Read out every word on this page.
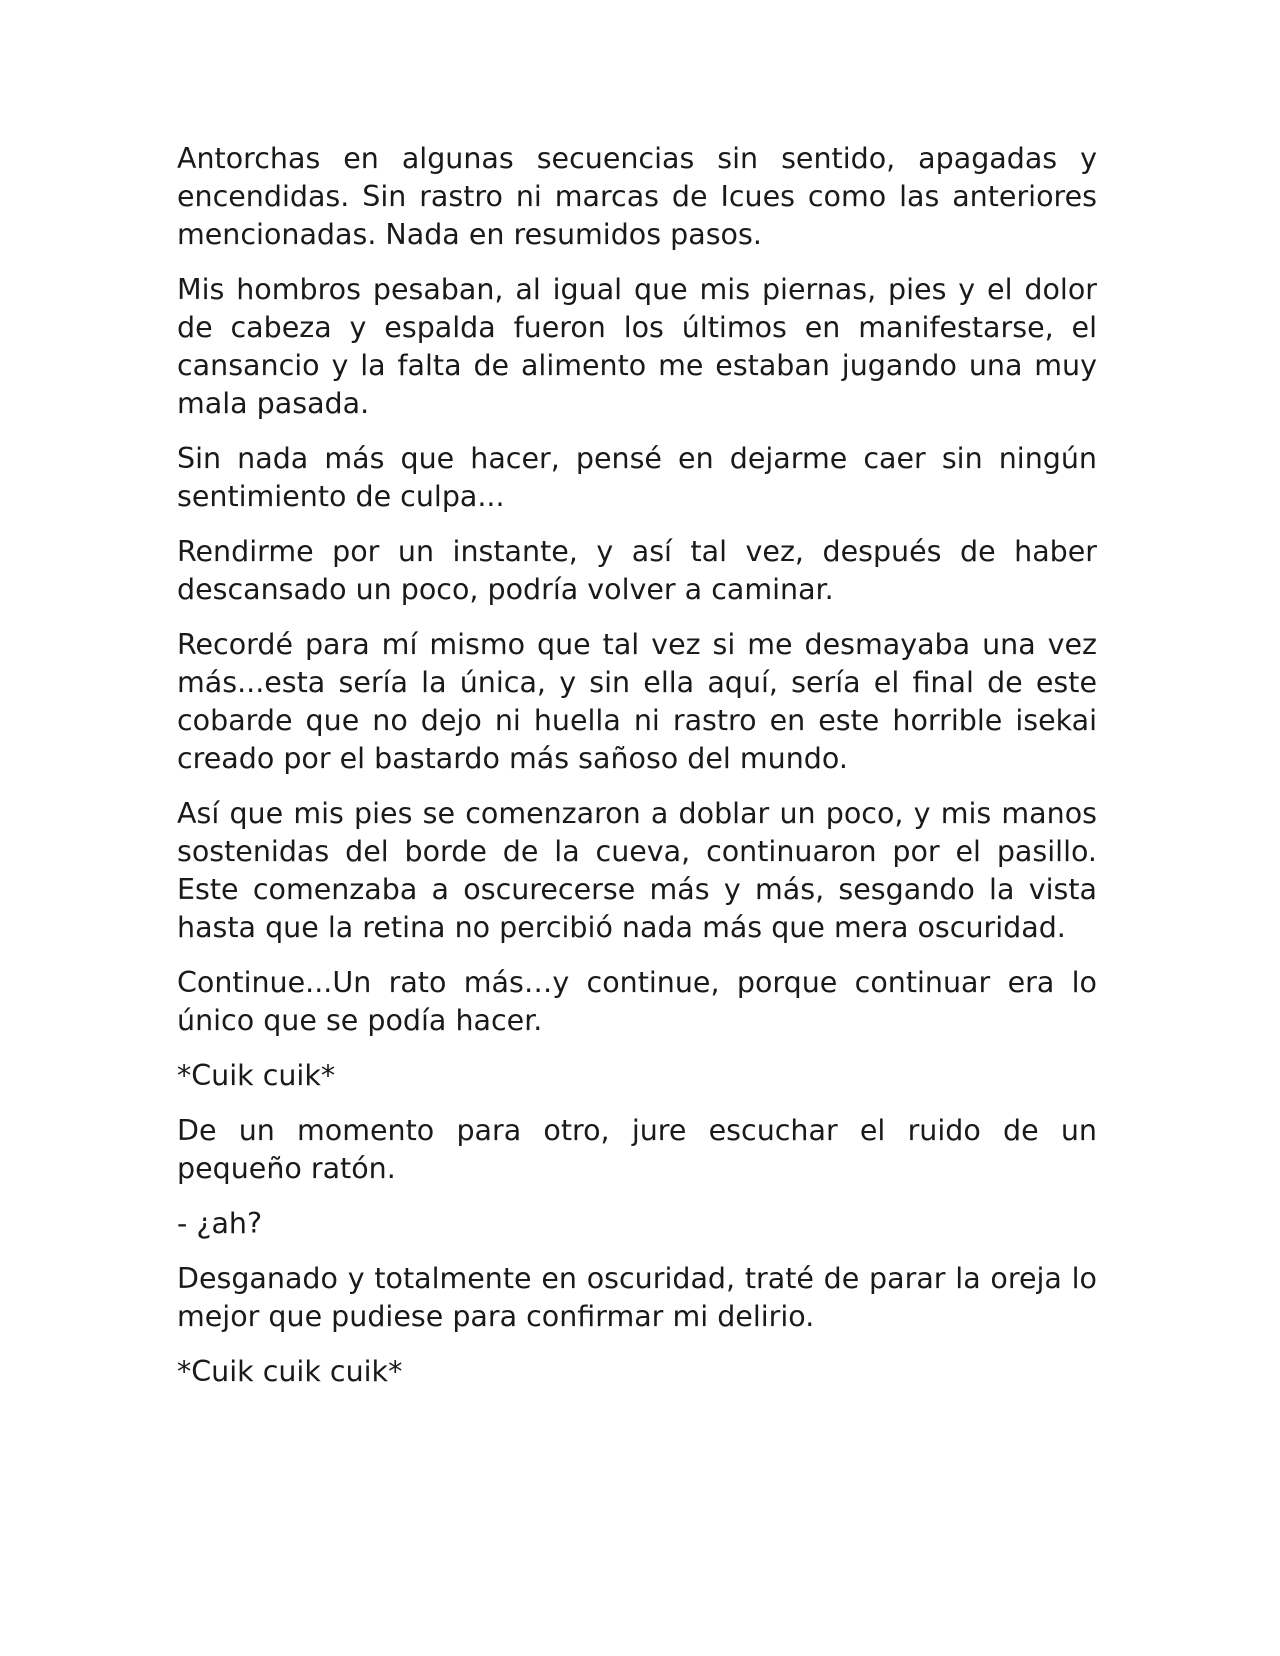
Antorchas en algunas secuencias sin sentido, apagadas y encendidas. Sin rastro ni marcas de Icues como las anteriores mencionadas. Nada en resumidos pasos.

Mis hombros pesaban, al igual que mis piernas, pies y el dolor de cabeza y espalda fueron los últimos en manifestarse, el cansancio y la falta de alimento me estaban jugando una muy mala pasada.

Sin nada más que hacer, pensé en dejarme caer sin ningún sentimiento de culpa...

Rendirme por un instante, y así tal vez, después de haber descansado un poco, podría volver a caminar.

Recordé para mí mismo que tal vez si me desmayaba una vez más...esta sería la única, y sin ella aquí, sería el final de este cobarde que no dejo ni huella ni rastro en este horrible isekai creado por el bastardo más sañoso del mundo.

Así que mis pies se comenzaron a doblar un poco, y mis manos sostenidas del borde de la cueva, continuaron por el pasillo. Este comenzaba a oscurecerse más y más, sesgando la vista hasta que la retina no percibió nada más que mera oscuridad.

Continue...Un rato más…y continue, porque continuar era lo único que se podía hacer.

*Cuik cuik*

De un momento para otro, jure escuchar el ruido de un pequeño ratón.

- ¿ah?

Desganado y totalmente en oscuridad, traté de parar la oreja lo mejor que pudiese para confirmar mi delirio.

*Cuik cuik cuik*
